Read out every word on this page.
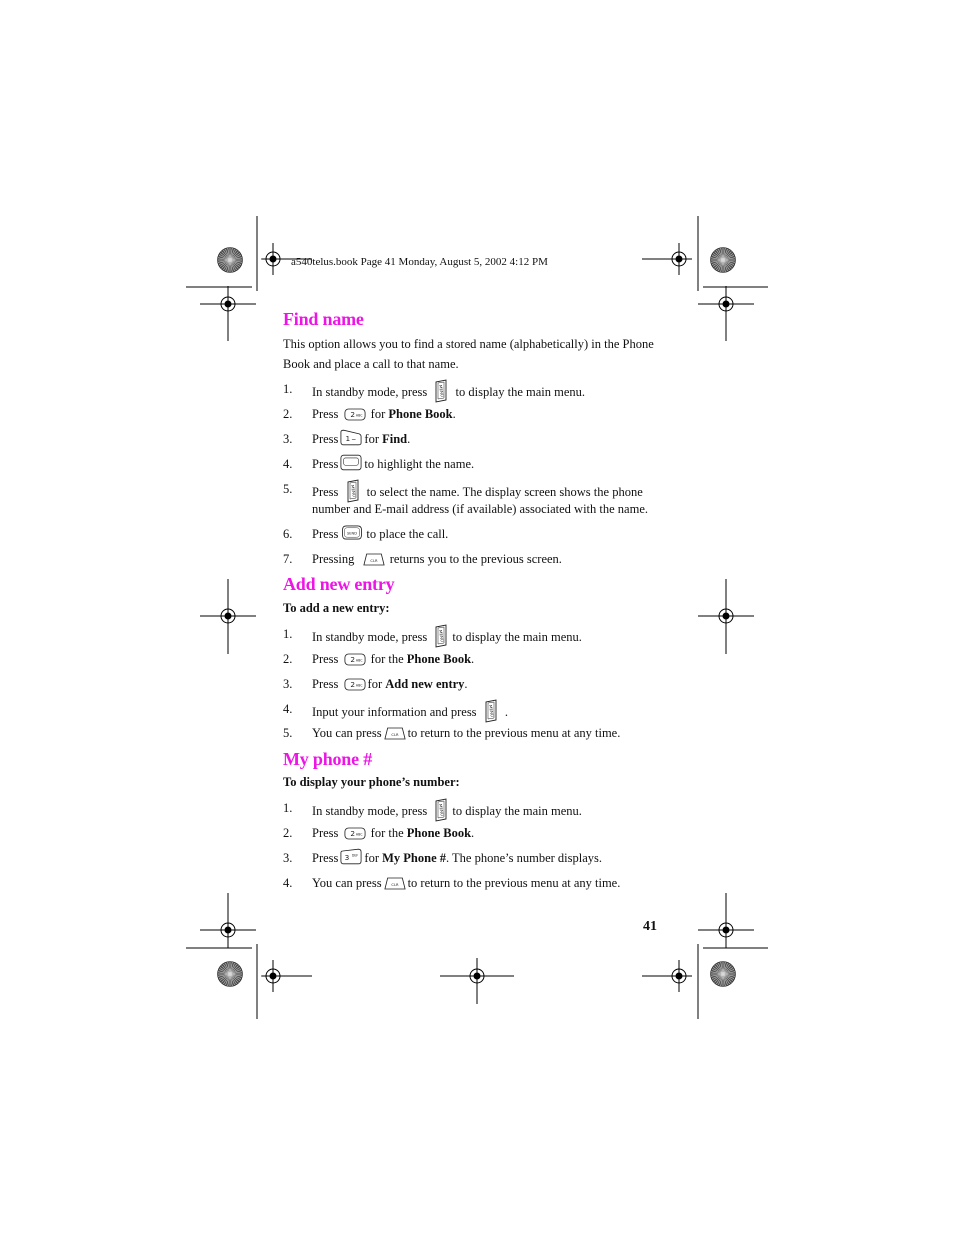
a540telus.book Page 41 Monday, August 5, 2002 4:12 PM
Find name
This option allows you to find a stored name (alphabetically) in the Phone Book and place a call to that name.
1. In standby mode, press to display the main menu.
2. Press	for Phone Book.
3. Press for Find.
4. Press to highlight the name.
5. Press to select the name. The display screen shows the phone
number and E-mail address (if available) associated with the name.
6. Press to place the call.
7. Pressing	returns you to the previous screen.
Add new entry
To add a new entry:
1. In standby mode, press to display the main menu.
2. Press	for the Phone Book.
3. Press for Add new entry.
4. Input your information and press .
5. You can press to return to the previous menu at any time.
My phone #
To display your phone’s number:
1. In standby mode, press to display the main menu.
2. Press	for the Phone Book.
3. Press for My Phone #. The phone’s number displays.
4. You can press to return to the previous menu at any time.
41
